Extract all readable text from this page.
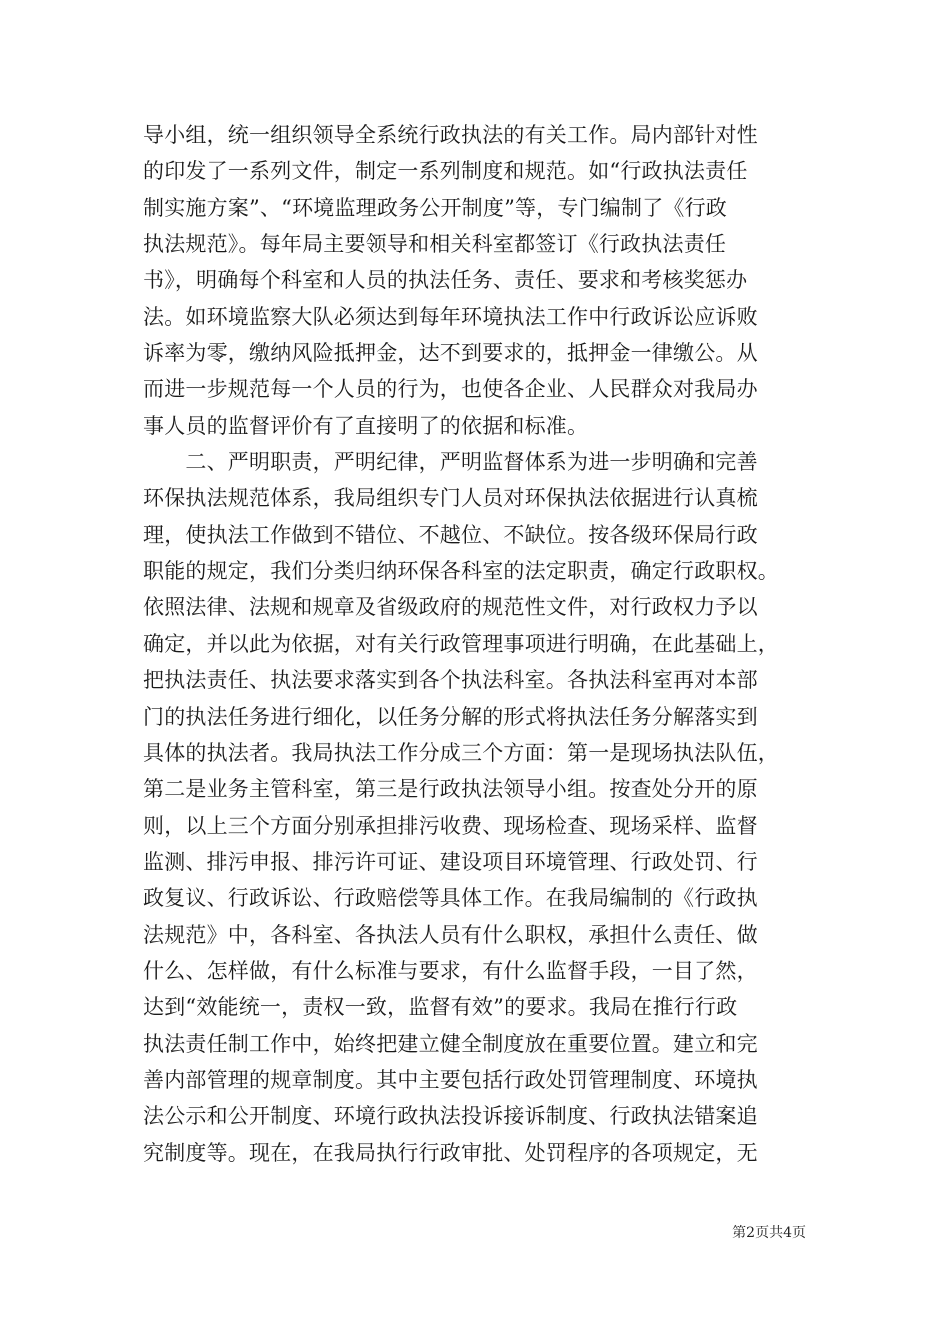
导小组，统一组织领导全系统行政执法的有关工作。局内部针对性
的印发了一系列文件，制定一系列制度和规范。如“行政执法责任
制实施方案”、“环境监理政务公开制度”等，专门编制了《行政
执法规范》。每年局主要领导和相关科室都签订《行政执法责任
书》，明确每个科室和人员的执法任务、责任、要求和考核奖惩办
法。如环境监察大队必须达到每年环境执法工作中行政诉讼应诉败
诉率为零，缴纳风险抵押金，达不到要求的，抵押金一律缴公。从
而进一步规范每一个人员的行为，也使各企业、人民群众对我局办
事人员的监督评价有了直接明了的依据和标准。
　　二、严明职责，严明纪律，严明监督体系为进一步明确和完善
环保执法规范体系，我局组织专门人员对环保执法依据进行认真梳
理，使执法工作做到不错位、不越位、不缺位。按各级环保局行政
职能的规定，我们分类归纳环保各科室的法定职责，确定行政职权。
依照法律、法规和规章及省级政府的规范性文件，对行政权力予以
确定，并以此为依据，对有关行政管理事项进行明确，在此基础上，
把执法责任、执法要求落实到各个执法科室。各执法科室再对本部
门的执法任务进行细化，以任务分解的形式将执法任务分解落实到
具体的执法者。我局执法工作分成三个方面：第一是现场执法队伍，
第二是业务主管科室，第三是行政执法领导小组。按查处分开的原
则，以上三个方面分别承担排污收费、现场检查、现场采样、监督
监测、排污申报、排污许可证、建设项目环境管理、行政处罚、行
政复议、行政诉讼、行政赔偿等具体工作。在我局编制的《行政执
法规范》中，各科室、各执法人员有什么职权，承担什么责任、做
什么、怎样做，有什么标准与要求，有什么监督手段，一目了然，
达到“效能统一，责权一致，监督有效”的要求。我局在推行行政
执法责任制工作中，始终把建立健全制度放在重要位置。建立和完
善内部管理的规章制度。其中主要包括行政处罚管理制度、环境执
法公示和公开制度、环境行政执法投诉接诉制度、行政执法错案追
究制度等。现在，在我局执行行政审批、处罚程序的各项规定，无
第2页共4页
